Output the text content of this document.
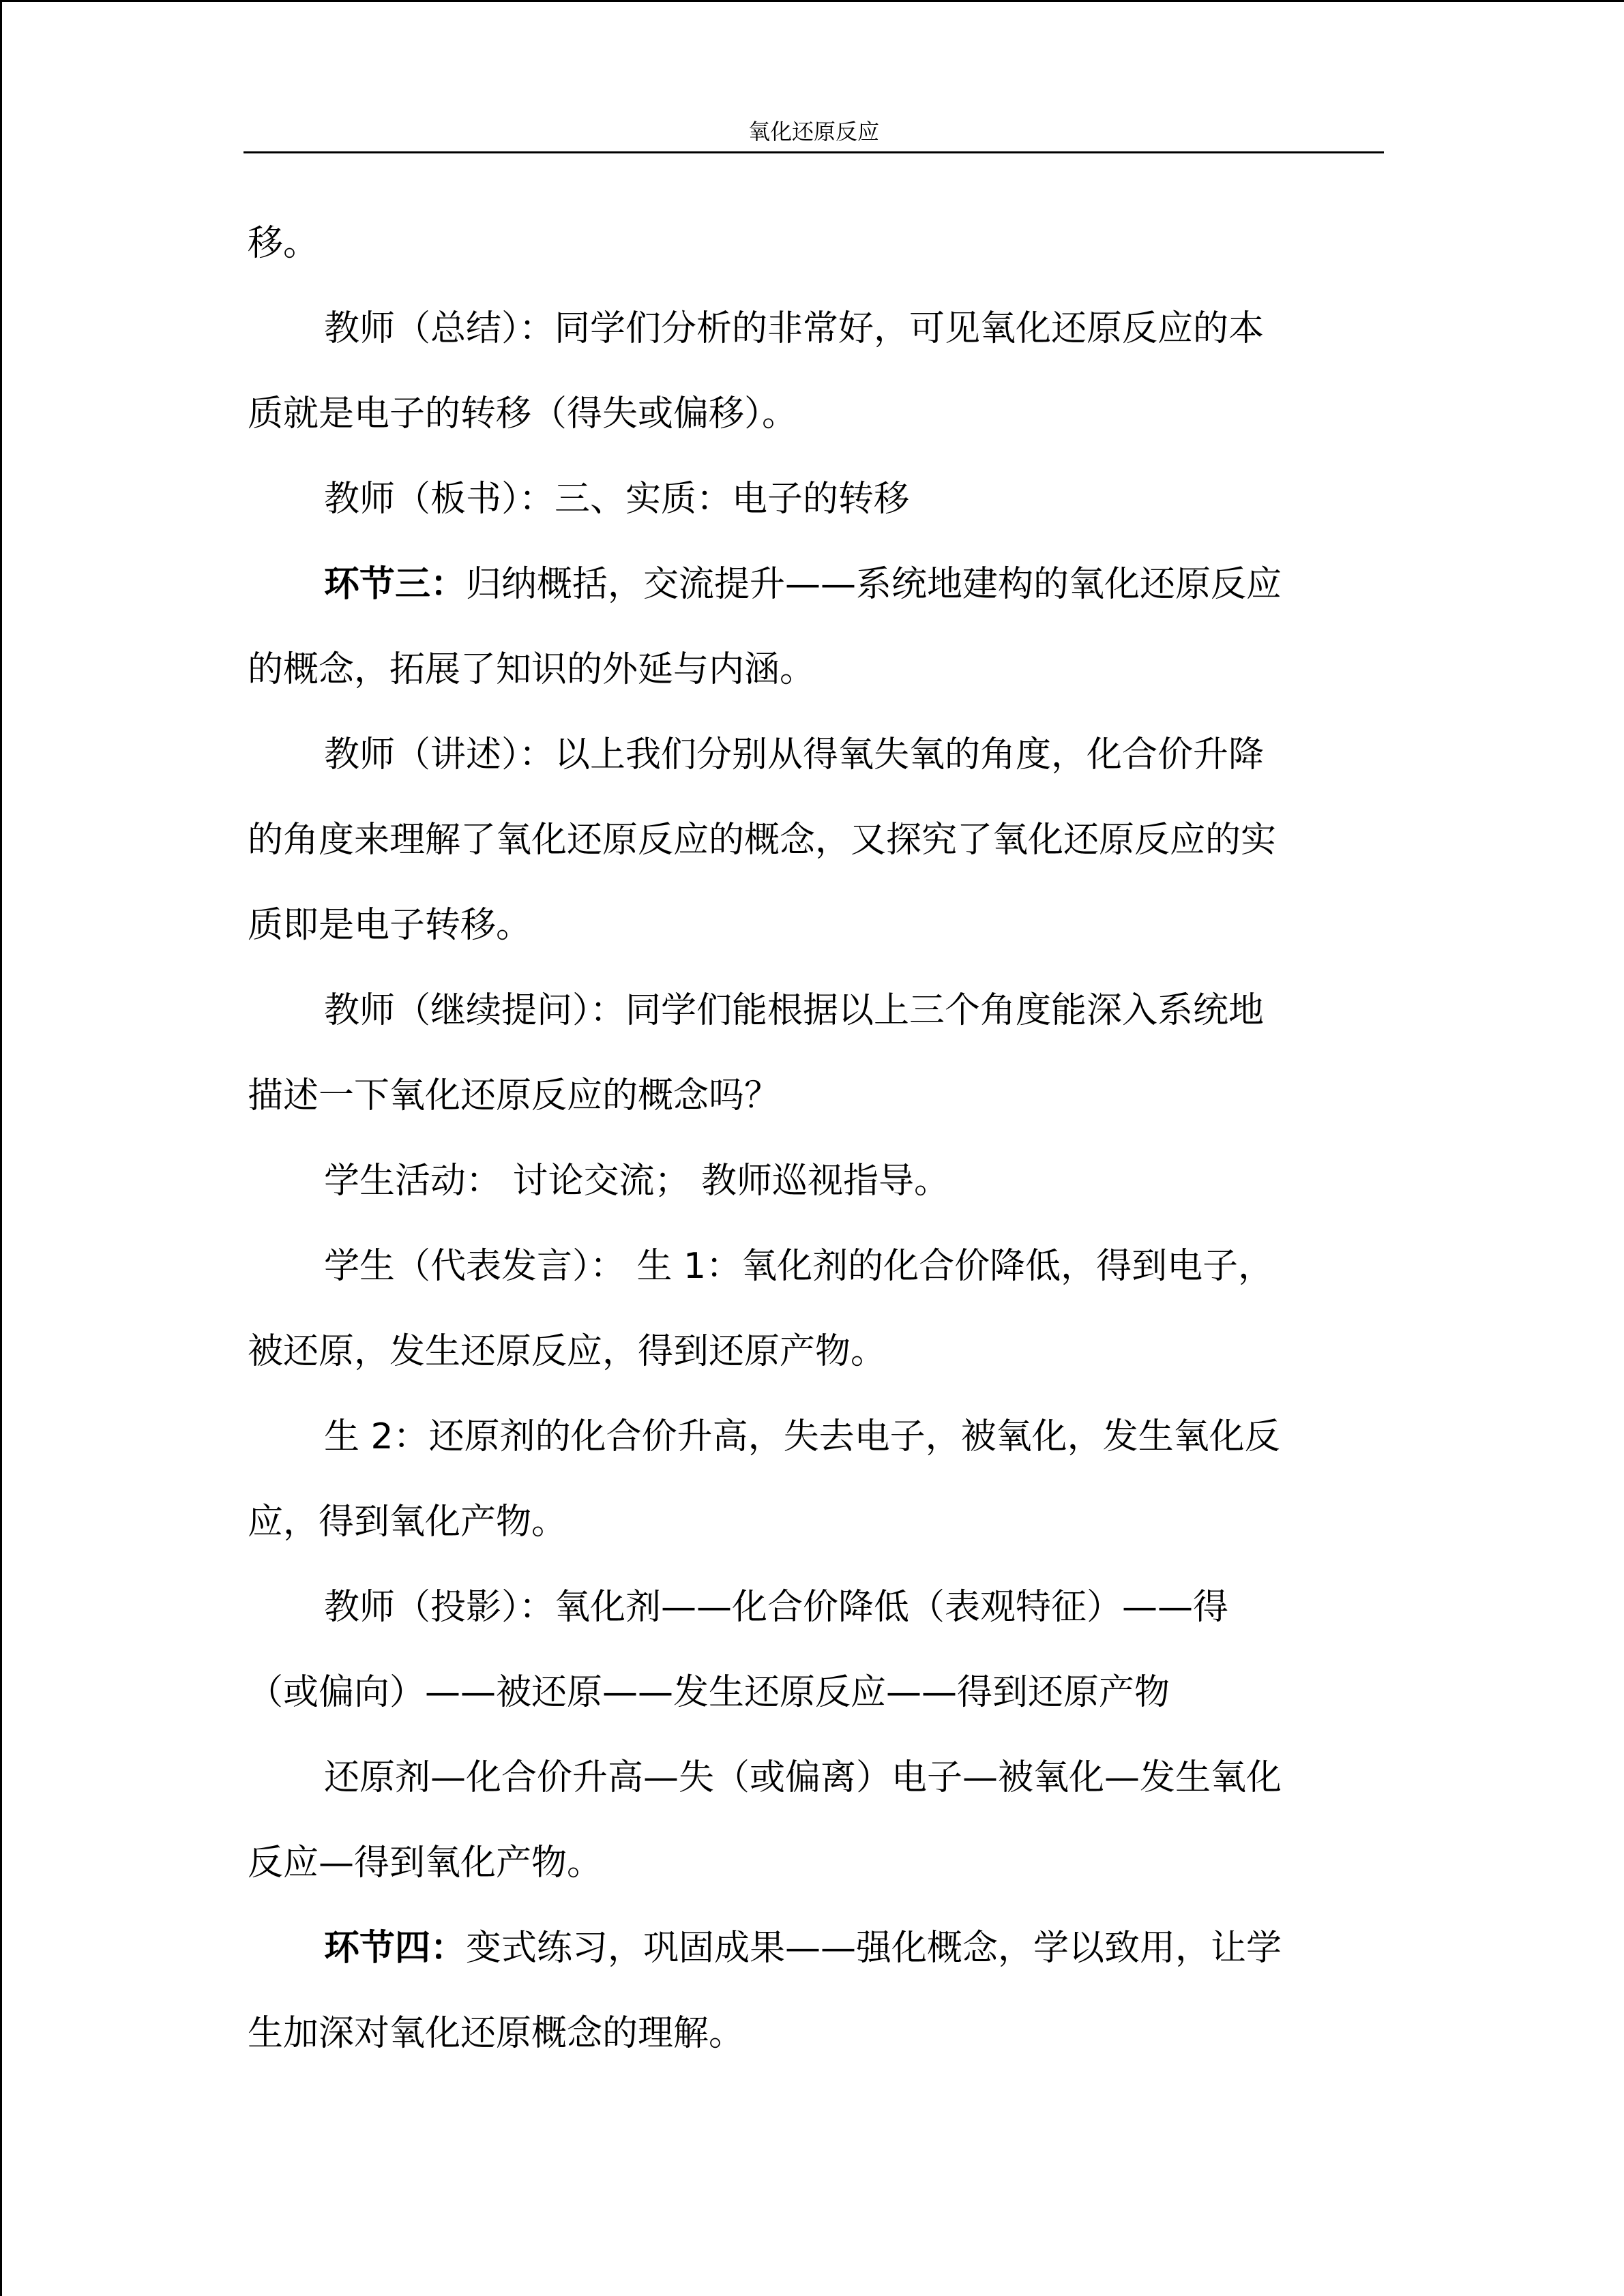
氧化还原反应
移。
教师（总结）：同学们分析的非常好，可见氧化还原反应的本
质就是电子的转移（得失或偏移）。
教师（板书）：三、实质：电子的转移
环节三：归纳概括，交流提升——系统地建构的氧化还原反应
的概念，拓展了知识的外延与内涵。
教师（讲述）：以上我们分别从得氧失氧的角度，化合价升降
的角度来理解了氧化还原反应的概念，又探究了氧化还原反应的实
质即是电子转移。
教师（继续提问）：同学们能根据以上三个角度能深入系统地
描述一下氧化还原反应的概念吗？
学生活动： 讨论交流； 教师巡视指导。
学生（代表发言）： 生 1：氧化剂的化合价降低，得到电子，
被还原，发生还原反应，得到还原产物。
生 2：还原剂的化合价升高，失去电子，被氧化，发生氧化反
应，得到氧化产物。
教师（投影）：氧化剂——化合价降低（表观特征）——得
（或偏向）——被还原——发生还原反应——得到还原产物
还原剂—化合价升高—失（或偏离）电子—被氧化—发生氧化
反应—得到氧化产物。
环节四：变式练习，巩固成果——强化概念，学以致用，让学
生加深对氧化还原概念的理解。
